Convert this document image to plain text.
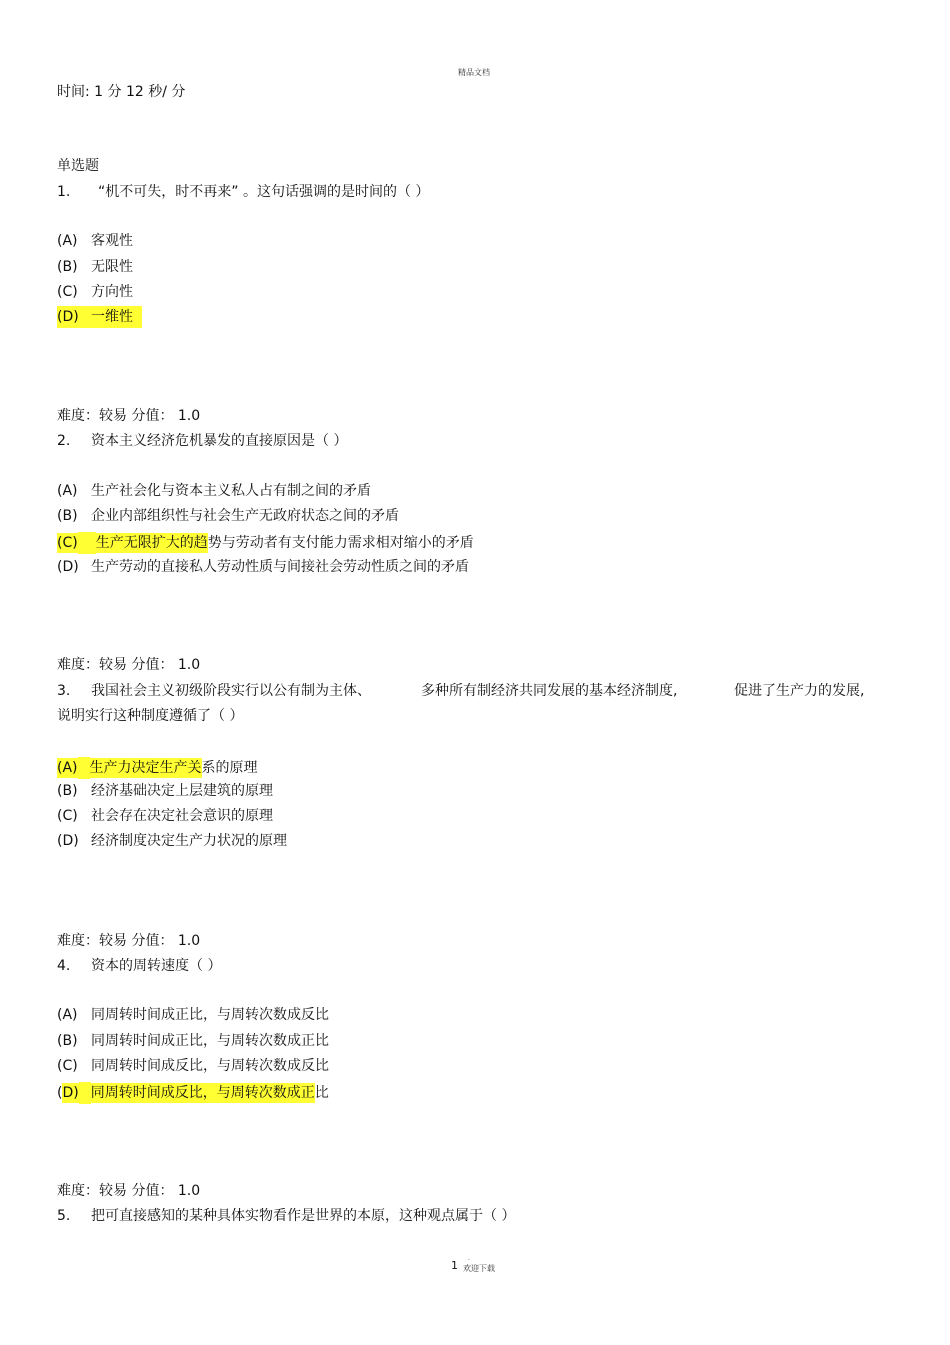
精品文档
时间: 1 分 12 秒/ 分
单选题
1. “机不可失，时不再来” 。这句话强调的是时间的（ ）
(A) 客观性
(B) 无限性
(C) 方向性
(D) 一维性
难度：较易 分值： 1.0
2. 资本主义经济危机暴发的直接原因是（ ）
(A) 生产社会化与资本主义私人占有制之间的矛盾
(B) 企业内部组织性与社会生产无政府状态之间的矛盾
(C) 生产无限扩大的趋势与劳动者有支付能力需求相对缩小的矛盾
(D) 生产劳动的直接私人劳动性质与间接社会劳动性质之间的矛盾
难度：较易 分值： 1.0
3. 我国社会主义初级阶段实行以公有制为主体、	多种所有制经济共同发展的基本经济制度,	促进了生产力的发展,
说明实行这种制度遵循了（ ）
(A) 生产力决定生产关系的原理
(B) 经济基础决定上层建筑的原理
(C) 社会存在决定社会意识的原理
(D) 经济制度决定生产力状况的原理
难度：较易 分值： 1.0
4. 资本的周转速度（ ）
(A) 同周转时间成正比，与周转次数成反比
(B) 同周转时间成正比，与周转次数成正比
(C) 同周转时间成反比，与周转次数成反比
(D) 同周转时间成反比，与周转次数成正比
难度：较易 分值： 1.0
5. 把可直接感知的某种具体实物看作是世界的本原，这种观点属于（ ）
1
.
欢迎下载
